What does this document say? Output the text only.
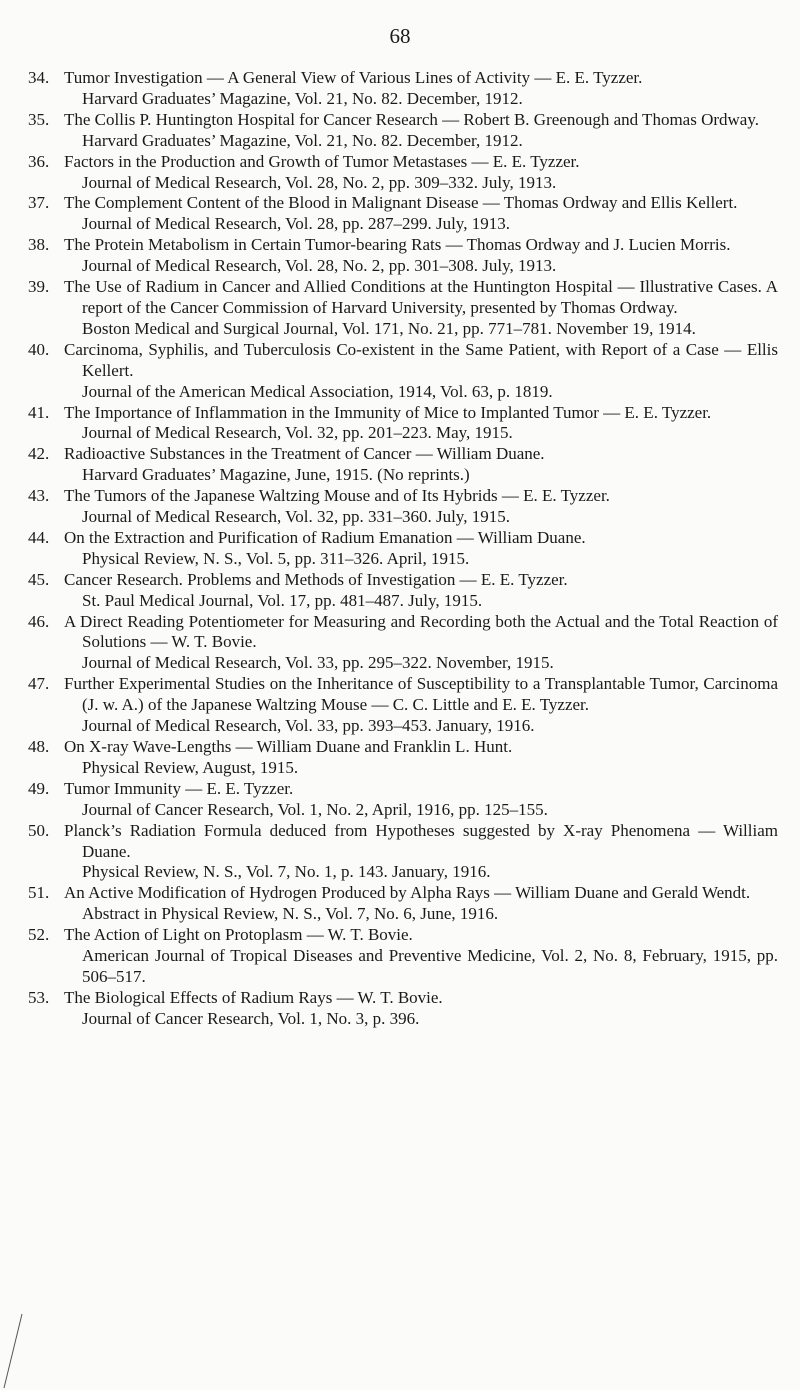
68
34. Tumor Investigation — A General View of Various Lines of Activity — E. E. Tyzzer.

Harvard Graduates’ Magazine, Vol. 21, No. 82. December, 1912.

35. The Collis P. Huntington Hospital for Cancer Research — Robert B. Greenough and Thomas Ordway.

Harvard Graduates’ Magazine, Vol. 21, No. 82. December, 1912.

36. Factors in the Production and Growth of Tumor Metastases — E. E. Tyzzer.

Journal of Medical Research, Vol. 28, No. 2, pp. 309–332. July, 1913.

37. The Complement Content of the Blood in Malignant Disease — Thomas Ordway and Ellis Kellert.

Journal of Medical Research, Vol. 28, pp. 287–299. July, 1913.

38. The Protein Metabolism in Certain Tumor-bearing Rats — Thomas Ordway and J. Lucien Morris.

Journal of Medical Research, Vol. 28, No. 2, pp. 301–308. July, 1913.

39. The Use of Radium in Cancer and Allied Conditions at the Huntington Hospital — Illustrative Cases. A report of the Cancer Commission of Harvard University, presented by Thomas Ordway.

Boston Medical and Surgical Journal, Vol. 171, No. 21, pp. 771–781. November 19, 1914.

40. Carcinoma, Syphilis, and Tuberculosis Co-existent in the Same Patient, with Report of a Case — Ellis Kellert.

Journal of the American Medical Association, 1914, Vol. 63, p. 1819.

41. The Importance of Inflammation in the Immunity of Mice to Implanted Tumor — E. E. Tyzzer.

Journal of Medical Research, Vol. 32, pp. 201–223. May, 1915.

42. Radioactive Substances in the Treatment of Cancer — William Duane.

Harvard Graduates’ Magazine, June, 1915. (No reprints.)

43. The Tumors of the Japanese Waltzing Mouse and of Its Hybrids — E. E. Tyzzer.

Journal of Medical Research, Vol. 32, pp. 331–360. July, 1915.

44. On the Extraction and Purification of Radium Emanation — William Duane.

Physical Review, N. S., Vol. 5, pp. 311–326. April, 1915.

45. Cancer Research. Problems and Methods of Investigation — E. E. Tyzzer.

St. Paul Medical Journal, Vol. 17, pp. 481–487. July, 1915.

46. A Direct Reading Potentiometer for Measuring and Recording both the Actual and the Total Reaction of Solutions — W. T. Bovie.

Journal of Medical Research, Vol. 33, pp. 295–322. November, 1915.

47. Further Experimental Studies on the Inheritance of Susceptibility to a Transplantable Tumor, Carcinoma (J. w. A.) of the Japanese Waltzing Mouse — C. C. Little and E. E. Tyzzer.

Journal of Medical Research, Vol. 33, pp. 393–453. January, 1916.

48. On X-ray Wave-Lengths — William Duane and Franklin L. Hunt.

Physical Review, August, 1915.

49. Tumor Immunity — E. E. Tyzzer.

Journal of Cancer Research, Vol. 1, No. 2, April, 1916, pp. 125–155.

50. Planck’s Radiation Formula deduced from Hypotheses suggested by X-ray Phenomena — William Duane.

Physical Review, N. S., Vol. 7, No. 1, p. 143. January, 1916.

51. An Active Modification of Hydrogen Produced by Alpha Rays — William Duane and Gerald Wendt.

Abstract in Physical Review, N. S., Vol. 7, No. 6, June, 1916.

52. The Action of Light on Protoplasm — W. T. Bovie.

American Journal of Tropical Diseases and Preventive Medicine, Vol. 2, No. 8, February, 1915, pp. 506–517.

53. The Biological Effects of Radium Rays — W. T. Bovie.

Journal of Cancer Research, Vol. 1, No. 3, p. 396.
